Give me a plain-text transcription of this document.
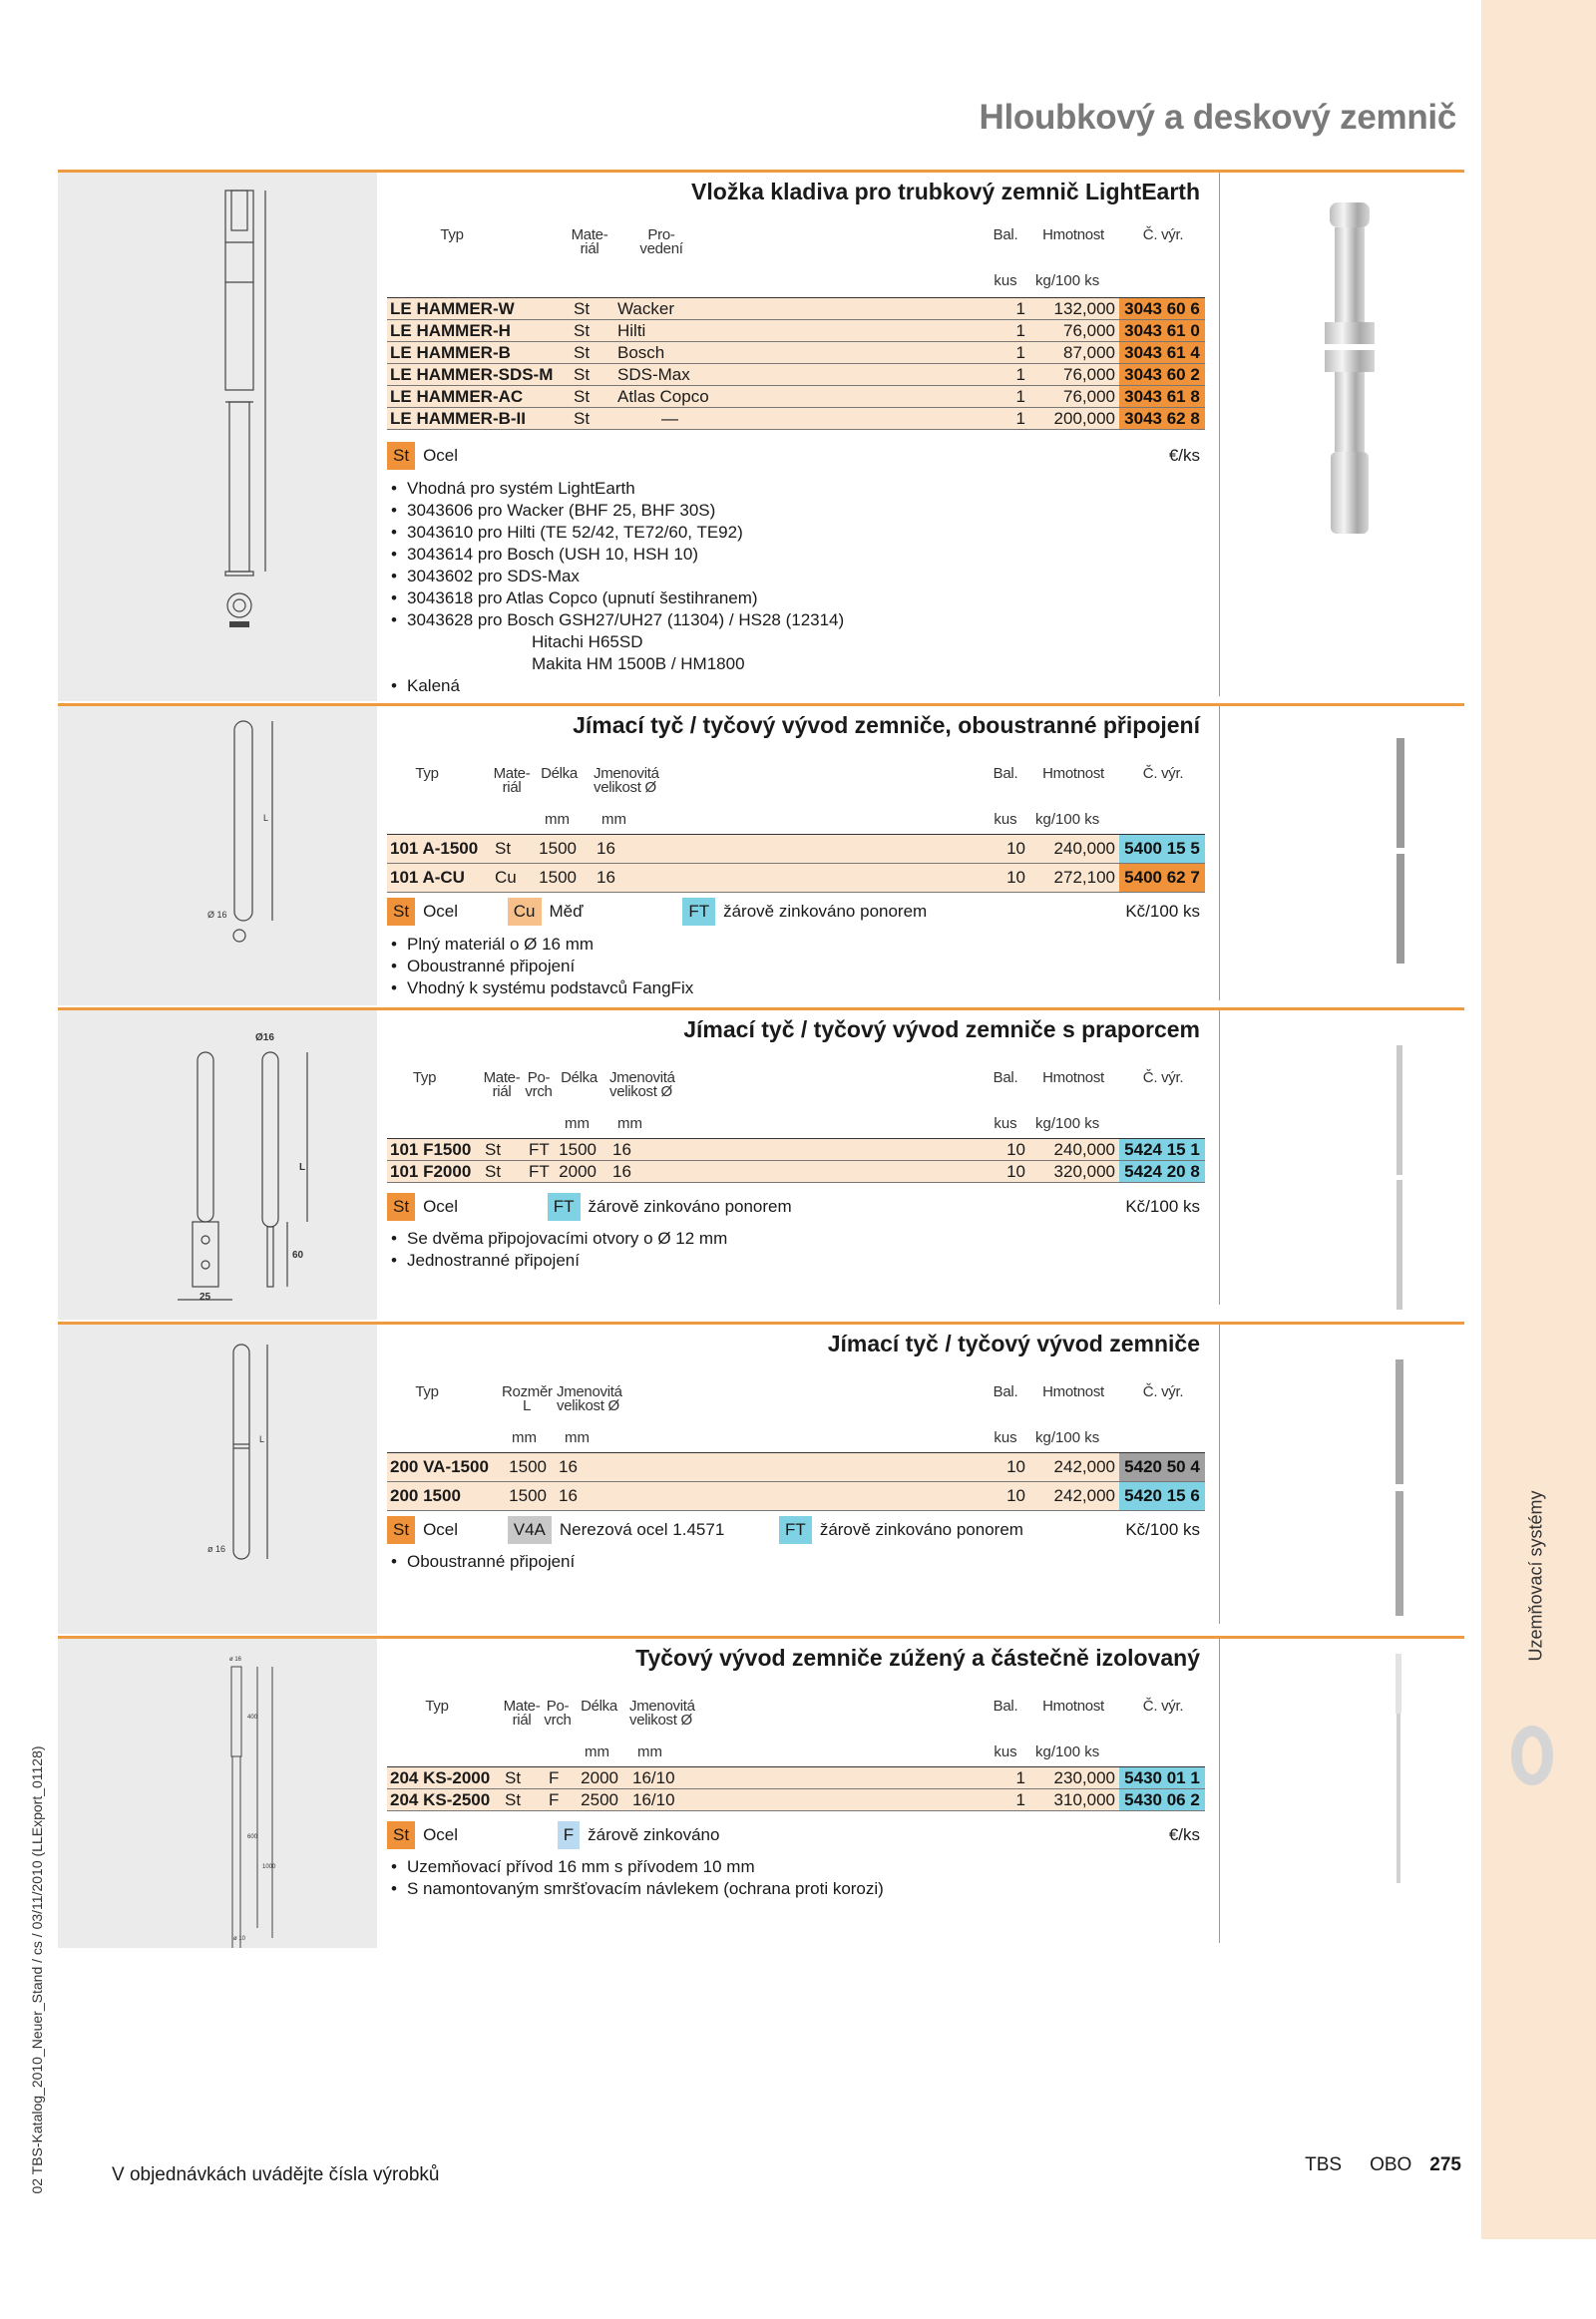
Uzemňovací systémy
02 TBS-Katalog_2010_Neuer_Stand / cs / 03/11/2010 (LLExport_01128)
Hloubkový a deskový zemnič
Vložka kladiva pro trubkový zemnič LightEarth
Typ	Mate-
riál
Pro-
vedení
Bal.	Hmotnost	Č. výr.
kus	kg/100 ks
LE HAMMER-W	St Wacker	1 132,000 3043 60 6
LE HAMMER-H	St Hilti	1 76,000 3043 61 0
LE HAMMER-B	St Bosch	1 87,000 3043 61 4
LE HAMMER-SDS-M St SDS-Max	1 76,000 3043 60 2
LE HAMMER-AC	St Atlas Copco	1 76,000 3043 61 8
LE HAMMER-B-II	St	—	1 200,000 3043 62 8
St Ocel	€/ks
• Vhodná pro systém LightEarth
• 3043606 pro Wacker (BHF 25, BHF 30S)
• 3043610 pro Hilti (TE 52/42, TE72/60, TE92)
• 3043614 pro Bosch (USH 10, HSH 10)
• 3043602 pro SDS-Max
• 3043618 pro Atlas Copco (upnutí šestihranem)
• 3043628 pro Bosch GSH27/UH27 (11304) / HS28 (12314)
Hitachi H65SD
Makita HM 1500B / HM1800
• Kalená
L
Ø 16
Jímací tyč / tyčový vývod zemniče, oboustranné připojení
Typ	Mate-
riál
Délka Jmenovitá
velikost Ø
Bal.	Hmotnost	Č. výr.
mm mm	kus	kg/100 ks
101 A-1500 St 1500 16	10 240,000 5400 15 5
101 A-CU Cu 1500 16	10 272,100 5400 62 7
St Ocel	Cu Měď	FT žárově zinkováno ponorem	Kč/100 ks
• Plný materiál o Ø 16 mm
• Oboustranné připojení
• Vhodný k systému podstavců FangFix
Ø16
L
60
25
Jímací tyč / tyčový vývod zemniče s praporcem
Typ	Mate-
riál
Po-
vrch
Délka Jmenovitá
velikost Ø
Bal.	Hmotnost	Č. výr.
mm mm	kus	kg/100 ks
101 F1500 St FT 1500 16	10 240,000 5424 15 1
101 F2000 St FT 2000 16	10 320,000 5424 20 8
St Ocel	FT žárově zinkováno ponorem	Kč/100 ks
• Se dvěma připojovacími otvory o Ø 12 mm
• Jednostranné připojení
L
ø 16
Jímací tyč / tyčový vývod zemniče
Typ	Rozměr
L
Jmenovitá
velikost Ø
Bal.	Hmotnost	Č. výr.
mm mm	kus	kg/100 ks
200 VA-1500	1500 16	10 242,000 5420 50 4
200 1500	1500 16	10 242,000 5420 15 6
St Ocel	V4A Nerezová ocel 1.4571	FT žárově zinkováno ponorem	Kč/100 ks
• Oboustranné připojení
ø 16
400
600
1000
ø 10
Tyčový vývod zemniče zúžený a částečně izolovaný
Typ	Mate-
riál
Po-
vrch
Délka Jmenovitá
velikost Ø
Bal.	Hmotnost	Č. výr.
mm mm	kus	kg/100 ks
204 KS-2000 St F 2000 16/10	1 230,000 5430 01 1
204 KS-2500 St F 2500 16/10	1 310,000 5430 06 2
St Ocel	F žárově zinkováno	€/ks
• Uzemňovací přívod 16 mm s přívodem 10 mm
• S namontovaným smršťovacím návlekem (ochrana proti korozi)
V objednávkách uvádějte čísla výrobků	TBS OBO 275
